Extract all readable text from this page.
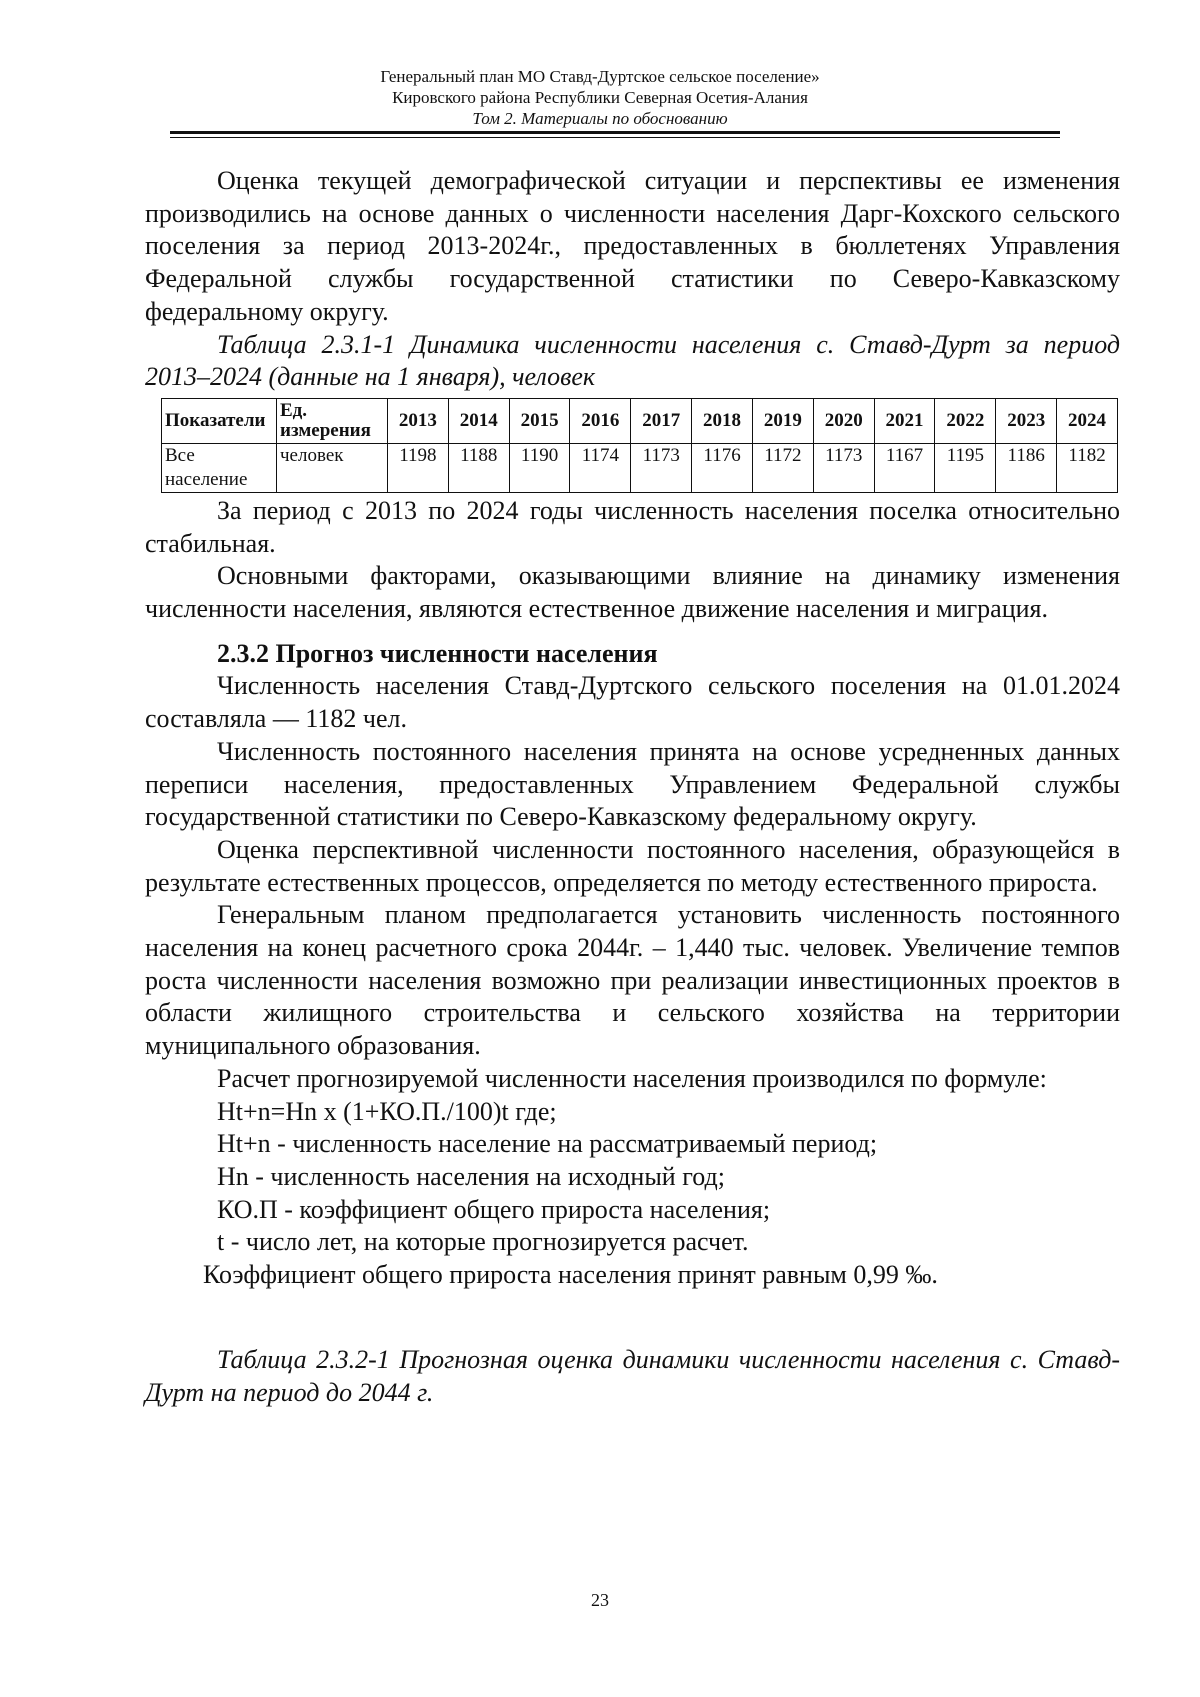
Генеральный план МО Ставд-Дуртское сельское поселение»
Кировского района Республики Северная Осетия-Алания
Том 2. Материалы по обоснованию

Оценка текущей демографической ситуации и перспективы ее изменения производились на основе данных о численности населения Дарг-Кохского сельского поселения за период 2013-2024г., предоставленных в бюллетенях Управления Федеральной службы государственной статистики по Северо-Кавказскому федеральному округу.

Таблица 2.3.1-1 Динамика численности населения с. Ставд-Дурт за период 2013–2024 (данные на 1 января), человек

Показатели	Ед. измерения	2013	2014	2015	2016	2017	2018	2019	2020	2021	2022	2023	2024
Все население	человек	1198	1188	1190	1174	1173	1176	1172	1173	1167	1195	1186	1182

За период с 2013 по 2024 годы численность населения поселка относительно стабильная.

Основными факторами, оказывающими влияние на динамику изменения численности населения, являются естественное движение населения и миграция.

2.3.2 Прогноз численности населения

Численность населения Ставд-Дуртского сельского поселения на 01.01.2024 составляла — 1182 чел.

Численность постоянного населения принята на основе усредненных данных переписи населения, предоставленных Управлением Федеральной службы государственной статистики по Северо-Кавказскому федеральному округу.

Оценка перспективной численности постоянного населения, образующейся в результате естественных процессов, определяется по методу естественного прироста.

Генеральным планом предполагается установить численность постоянного населения на конец расчетного срока 2044г. – 1,440 тыс. человек. Увеличение темпов роста численности населения возможно при реализации инвестиционных проектов в области жилищного строительства и сельского хозяйства на территории муниципального образования.

Расчет прогнозируемой численности населения производился по формуле:

Нt+n=Нn х (1+КО.П./100)t где;

Нt+n - численность население на рассматриваемый период;

Нn - численность населения на исходный год;

КО.П - коэффициент общего прироста населения;

t - число лет, на которые прогнозируется расчет.

Коэффициент общего прироста населения принят равным 0,99 ‰.

Таблица 2.3.2-1 Прогнозная оценка динамики численности населения с. Ставд-Дурт на период до 2044 г.

23
